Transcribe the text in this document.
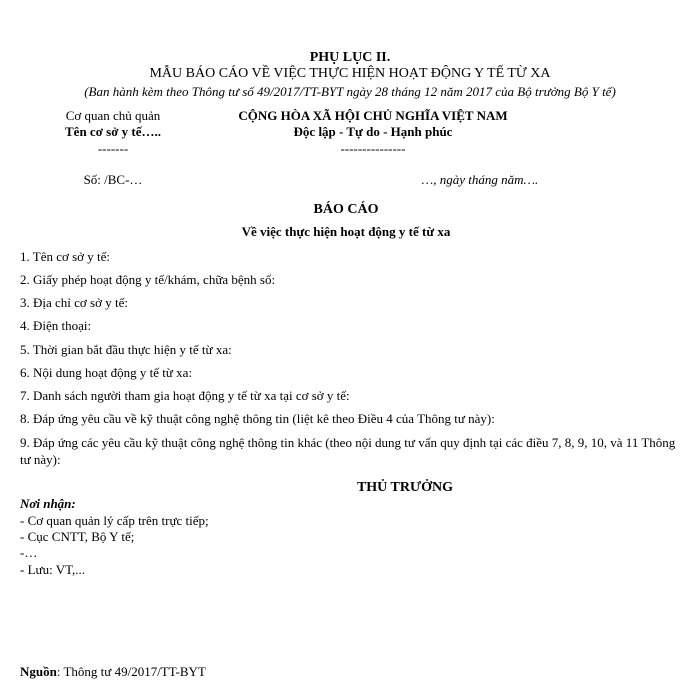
PHỤ LỤC II.
MẪU BÁO CÁO VỀ VIỆC THỰC HIỆN HOẠT ĐỘNG Y TẾ TỪ XA
(Ban hành kèm theo Thông tư số 49/2017/TT-BYT ngày 28 tháng 12 năm 2017 của Bộ trưởng Bộ Y tế)
Cơ quan chủ quản
Tên cơ sở y tế…..
-------
Số: /BC-…
CỘNG HÒA XÃ HỘI CHỦ NGHĨA VIỆT NAM
Độc lập - Tự do - Hạnh phúc
---------------
…, ngày tháng năm….
BÁO CÁO
Về việc thực hiện hoạt động y tế từ xa
1. Tên cơ sở y tế:
2. Giấy phép hoạt động y tế/khám, chữa bệnh số:
3. Địa chỉ cơ sở y tế:
4. Điện thoại:
5. Thời gian bắt đầu thực hiện y tế từ xa:
6. Nội dung hoạt động y tế từ xa:
7. Danh sách người tham gia hoạt động y tế từ xa tại cơ sở y tế:
8. Đáp ứng yêu cầu về kỹ thuật công nghệ thông tin (liệt kê theo Điều 4 của Thông tư này):
9. Đáp ứng các yêu cầu kỹ thuật công nghệ thông tin khác (theo nội dung tư vấn quy định tại các điều 7, 8, 9, 10, và 11 Thông tư này):
THỦ TRƯỞNG
Nơi nhận:
- Cơ quan quản lý cấp trên trực tiếp;
- Cục CNTT, Bộ Y tế;
-…
- Lưu: VT,...
Nguồn: Thông tư 49/2017/TT-BYT
